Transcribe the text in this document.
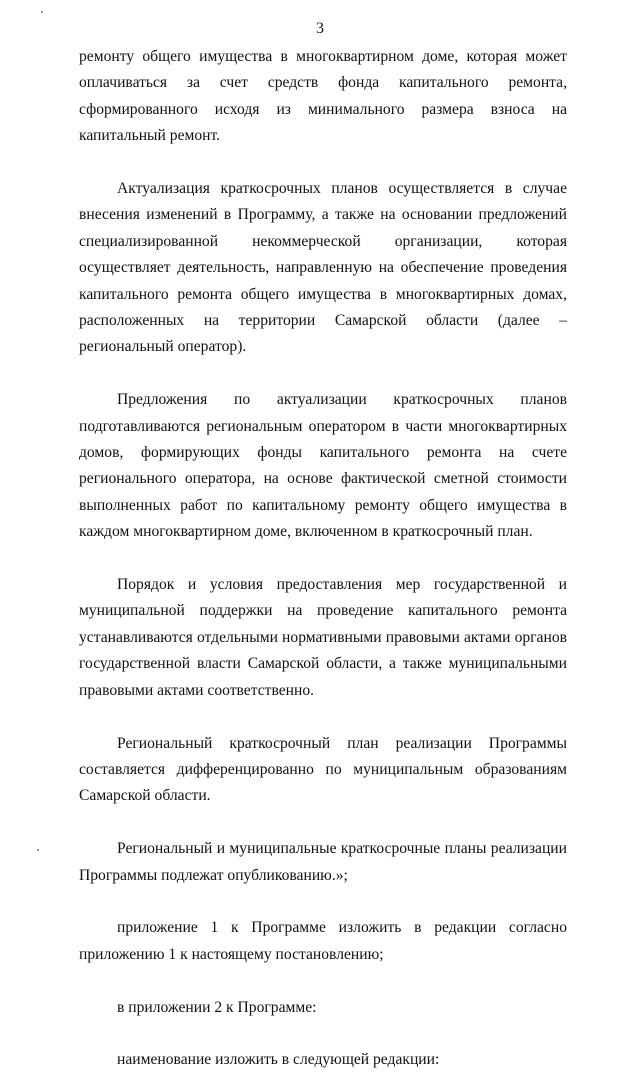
3

ремонту общего имущества в многоквартирном доме, которая может оплачиваться за счет средств фонда капитального ремонта, сформированного исходя из минимального размера взноса на капитальный ремонт.

Актуализация краткосрочных планов осуществляется в случае внесения изменений в Программу, а также на основании предложений специализированной некоммерческой организации, которая осуществляет деятельность, направленную на обеспечение проведения капитального ремонта общего имущества в многоквартирных домах, расположенных на территории Самарской области (далее – региональный оператор).

Предложения по актуализации краткосрочных планов подготавливаются региональным оператором в части многоквартирных домов, формирующих фонды капитального ремонта на счете регионального оператора, на основе фактической сметной стоимости выполненных работ по капитальному ремонту общего имущества в каждом многоквартирном доме, включенном в краткосрочный план.

Порядок и условия предоставления мер государственной и муниципальной поддержки на проведение капитального ремонта устанавливаются отдельными нормативными правовыми актами органов государственной власти Самарской области, а также муниципальными правовыми актами соответственно.

Региональный краткосрочный план реализации Программы составляется дифференцированно по муниципальным образованиям Самарской области.

Региональный и муниципальные краткосрочные планы реализации Программы подлежат опубликованию.»;

приложение 1 к Программе изложить в редакции согласно приложению 1 к настоящему постановлению;

в приложении 2 к Программе:

наименование изложить в следующей редакции:
